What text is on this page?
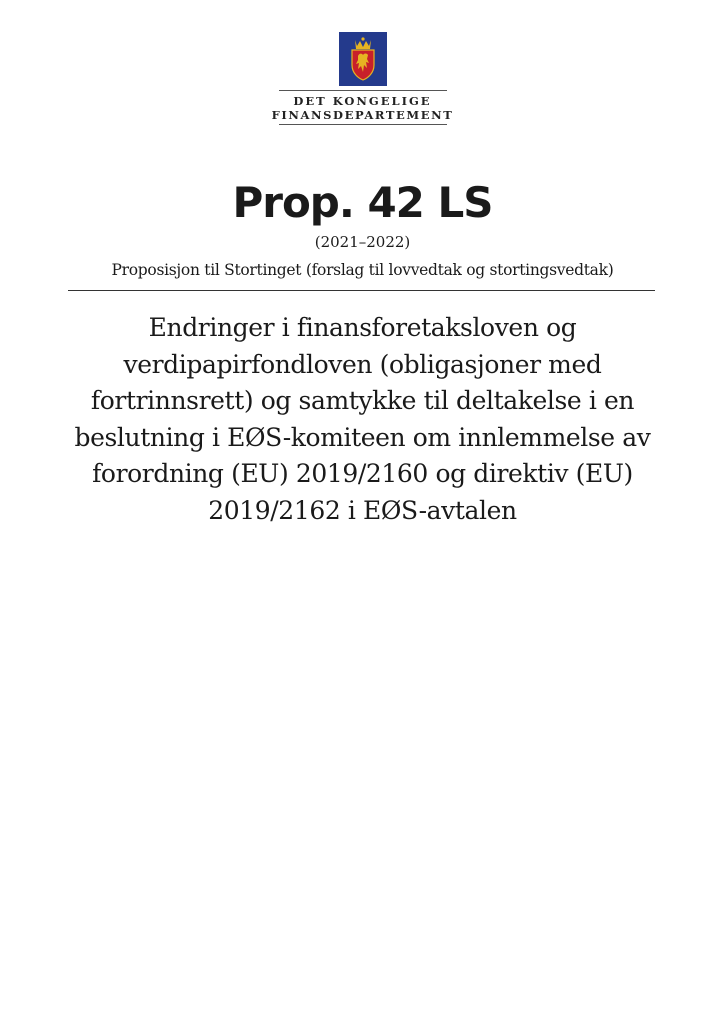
DET KONGELIGE
FINANSDEPARTEMENT
Prop. 42 LS
(2021–2022)
Proposisjon til Stortinget (forslag til lovvedtak og stortingsvedtak)
Endringer i finansforetaksloven og verdipapirfondloven (obligasjoner med fortrinnsrett) og samtykke til deltakelse i en beslutning i EØS-komiteen om innlemmelse av forordning (EU) 2019/2160 og direktiv (EU) 2019/2162 i EØS-avtalen
